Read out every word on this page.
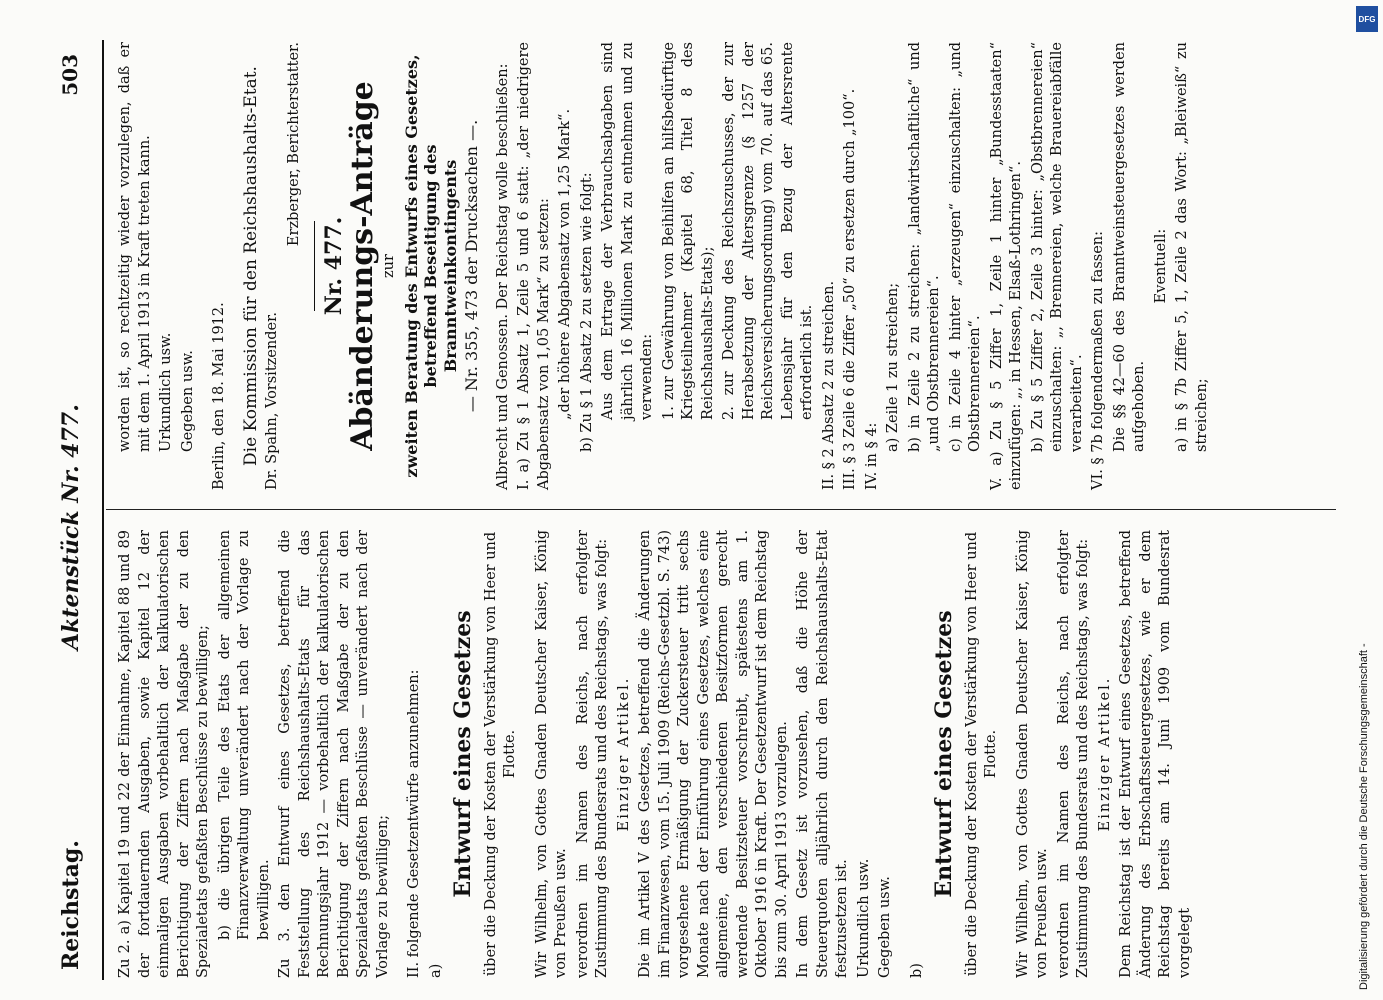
DFG
Digitalisierung gefördert durch die Deutsche Forschungsgemeinschaft -
Reichstag.
Aktenstück Nr. 477.
503

Zu 2. a) Kapitel 19 und 22 der Einnahme, Kapitel 88 und 89 der fortdauernden Ausgaben, sowie Kapitel 12 der einmaligen Ausgaben vorbehaltlich der kalkulatorischen Berichtigung der Ziffern nach Maßgabe der zu den Spezialetats gefaßten Beschlüsse zu bewilligen; b) die übrigen Teile des Etats der allgemeinen Finanzverwaltung unverändert nach der Vorlage zu bewilligen. Zu 3. den Entwurf eines Gesetzes, betreffend die Feststellung des Reichshaushalts-Etats für das Rechnungsjahr 1912 — vorbehaltlich der kalkulatorischen Berichtigung der Ziffern nach Maßgabe der zu den Spezialetats gefaßten Beschlüsse — unverändert nach der Vorlage zu bewilligen; II. folgende Gesetzentwürfe anzunehmen: a)

Entwurf eines Gesetzes über die Deckung der Kosten der Verstärkung von Heer und Flotte. Wir Wilhelm, von Gottes Gnaden Deutscher Kaiser, König von Preußen usw. verordnen im Namen des Reichs, nach erfolgter Zustimmung des Bundesrats und des Reichstags, was folgt: Einziger Artikel. Die im Artikel V des Gesetzes, betreffend die Änderungen im Finanzwesen, vom 15. Juli 1909 (Reichs-Gesetzbl. S. 743) vorgesehene Ermäßigung der Zuckersteuer tritt sechs Monate nach der Einführung eines Gesetzes, welches eine allgemeine, den verschiedenen Besitzformen gerecht werdende Besitzsteuer vorschreibt, spätestens am 1. Oktober 1916 in Kraft. Der Gesetzentwurf ist dem Reichstag bis zum 30. April 1913 vorzulegen. In dem Gesetz ist vorzusehen, daß die Höhe der Steuerquoten alljährlich durch den Reichshaushalts-Etat festzusetzen ist. Urkundlich usw. Gegeben usw. b)

Entwurf eines Gesetzes über die Deckung der Kosten der Verstärkung von Heer und Flotte. Wir Wilhelm, von Gottes Gnaden Deutscher Kaiser, König von Preußen usw. verordnen im Namen des Reichs, nach erfolgter Zustimmung des Bundesrats und des Reichstags, was folgt: Einziger Artikel. Dem Reichstag ist der Entwurf eines Gesetzes, betreffend Änderung des Erbschaftssteuergesetzes, wie er dem Reichstag bereits am 14. Juni 1909 vom Bundesrat vorgelegt

worden ist, so rechtzeitig wieder vorzulegen, daß er mit dem 1. April 1913 in Kraft treten kann. Urkundlich usw. Gegeben usw. Berlin, den 18. Mai 1912. Die Kommission für den Reichshaushalts-Etat. Dr. Spahn, Vorsitzender.

Erzberger, Berichterstatter.

Nr. 477.

Abänderungs-Anträge zur zweiten Beratung des Entwurfs eines Gesetzes, betreffend Beseitigung des Branntweinkontingents — Nr. 355, 473 der Drucksachen —. Albrecht und Genossen. Der Reichstag wolle beschließen: I. a) Zu § 1 Absatz 1, Zeile 5 und 6 statt: „der niedrigere Abgabensatz von 1,05 Mark“ zu setzen: „der höhere Abgabensatz von 1,25 Mark“. b) Zu § 1 Absatz 2 zu setzen wie folgt: Aus dem Ertrage der Verbrauchsabgaben sind jährlich 16 Millionen Mark zu entnehmen und zu verwenden: 1. zur Gewährung von Beihilfen an hilfsbedürftige Kriegsteilnehmer (Kapitel 68, Titel 8 des Reichshaushalts-Etats); 2. zur Deckung des Reichszuschusses, der zur Herabsetzung der Altersgrenze (§ 1257 der Reichsversicherungsordnung) vom 70. auf das 65. Lebensjahr für den Bezug der Altersrente erforderlich ist. II. § 2 Absatz 2 zu streichen. III. § 3 Zeile 6 die Ziffer „50“ zu ersetzen durch „100“. IV. in § 4:

a) Zeile 1 zu streichen; b) in Zeile 2 zu streichen: „landwirtschaftliche“ und „und Obstbrennereien“. c) in Zeile 4 hinter „erzeugen“ einzuschalten: „und Obstbrennereien“. V. a) Zu § 5 Ziffer 1, Zeile 1 hinter „Bundesstaaten“ einzufügen: „, in Hessen, Elsaß-Lothringen“. b) Zu § 5 Ziffer 2, Zeile 3 hinter: „Obstbrennereien“ einzuschalten: „, Brennereien, welche Brauereiabfälle verarbeiten“. VI. § 7b folgendermaßen zu fassen: Die §§ 42—60 des Branntweinsteuergesetzes werden aufgehoben.

Eventuell: a) in § 7b Ziffer 5, 1, Zeile 2 das Wort: „Bleiweiß“ zu streichen;
